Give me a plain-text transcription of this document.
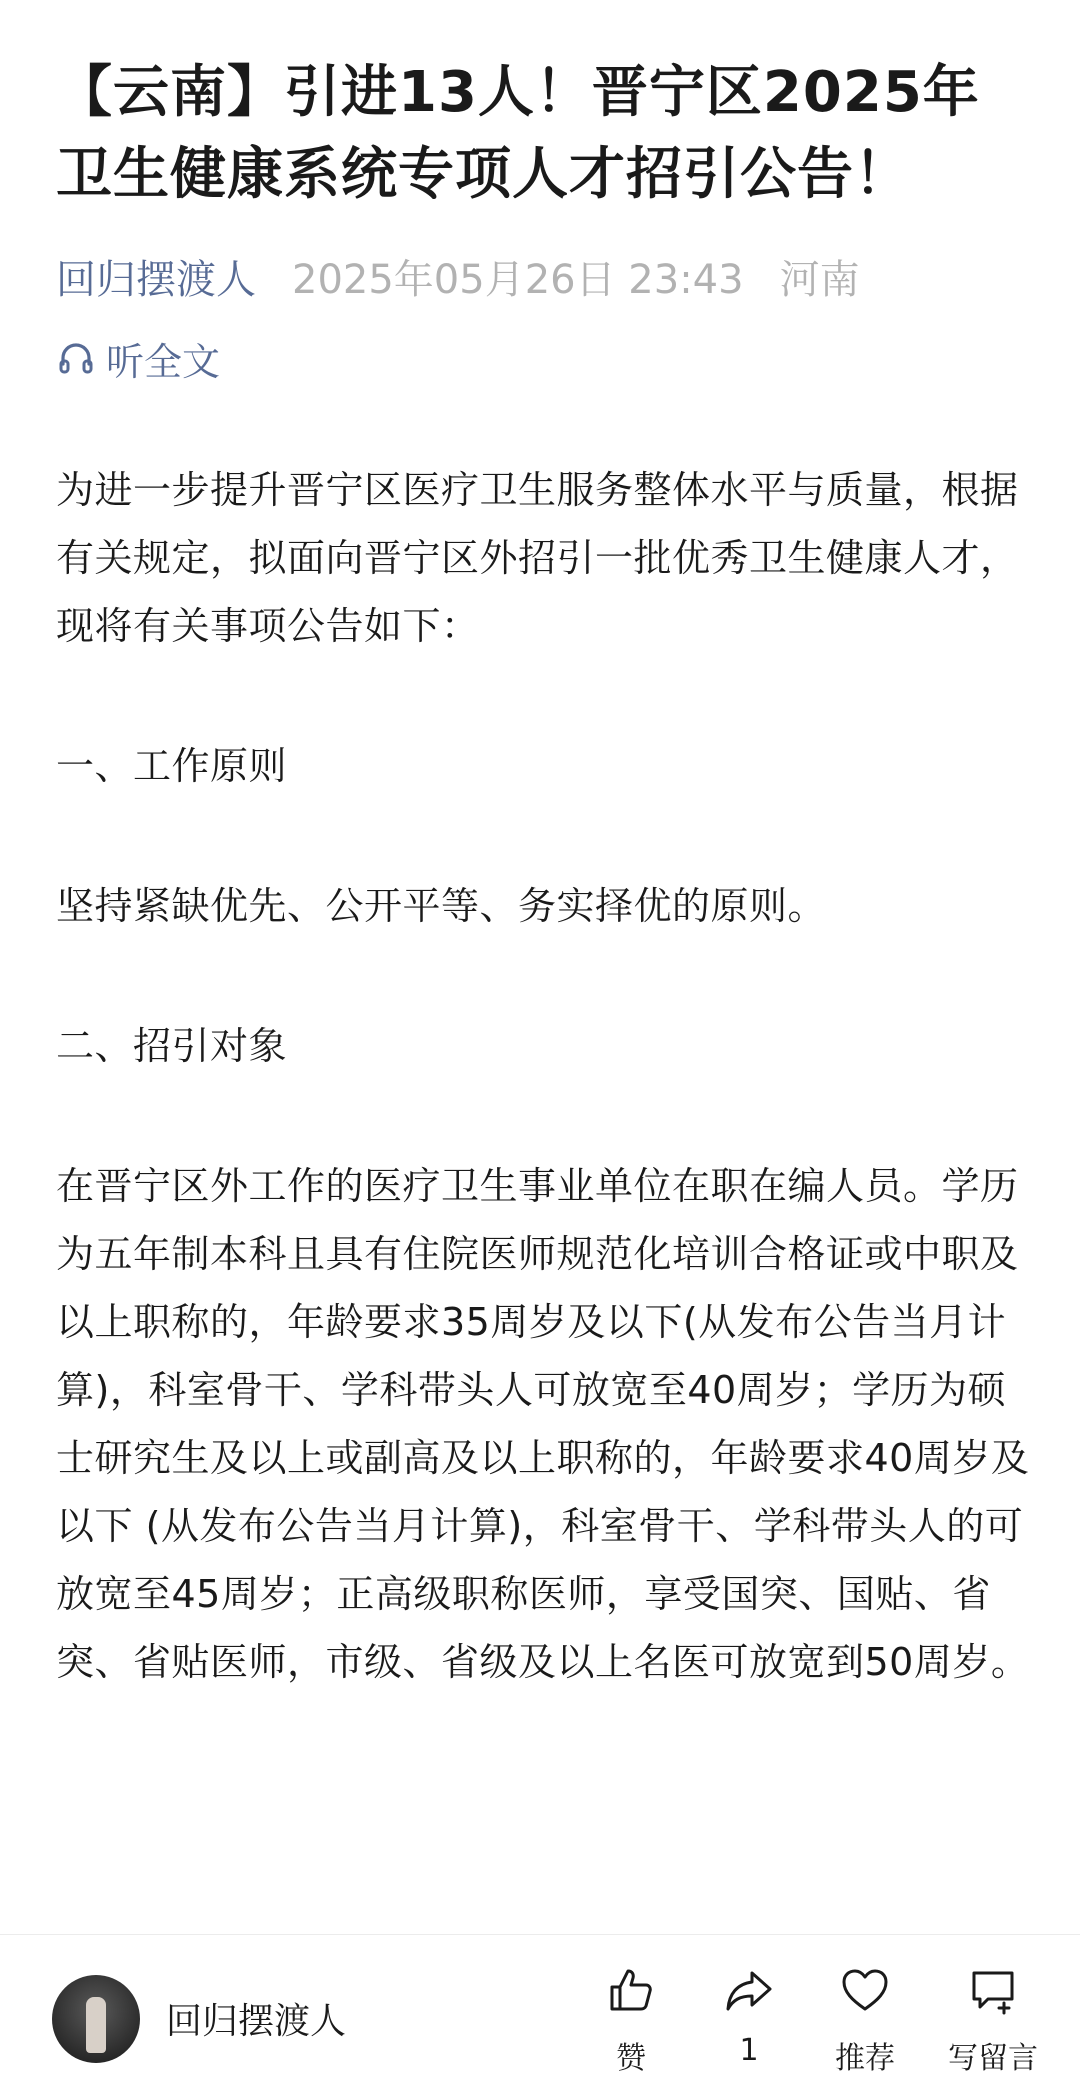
【云南】引进13人！晋宁区2025年卫生健康系统专项人才招引公告！
回归摆渡人 2025年05月26日 23:43 河南
听全文

为进一步提升晋宁区医疗卫生服务整体水平与质量，根据有关规定，拟面向晋宁区外招引一批优秀卫生健康人才，现将有关事项公告如下：

一、工作原则

坚持紧缺优先、公开平等、务实择优的原则。

二、招引对象

在晋宁区外工作的医疗卫生事业单位在职在编人员。学历为五年制本科且具有住院医师规范化培训合格证或中职及以上职称的，年龄要求35周岁及以下(从发布公告当月计算)，科室骨干、学科带头人可放宽至40周岁；学历为硕士研究生及以上或副高及以上职称的，年龄要求40周岁及以下 (从发布公告当月计算)，科室骨干、学科带头人的可放宽至45周岁；正高级职称医师，享受国突、国贴、省突、省贴医师，市级、省级及以上名医可放宽到50周岁。

回归摆渡人
赞	1	推荐	写留言
